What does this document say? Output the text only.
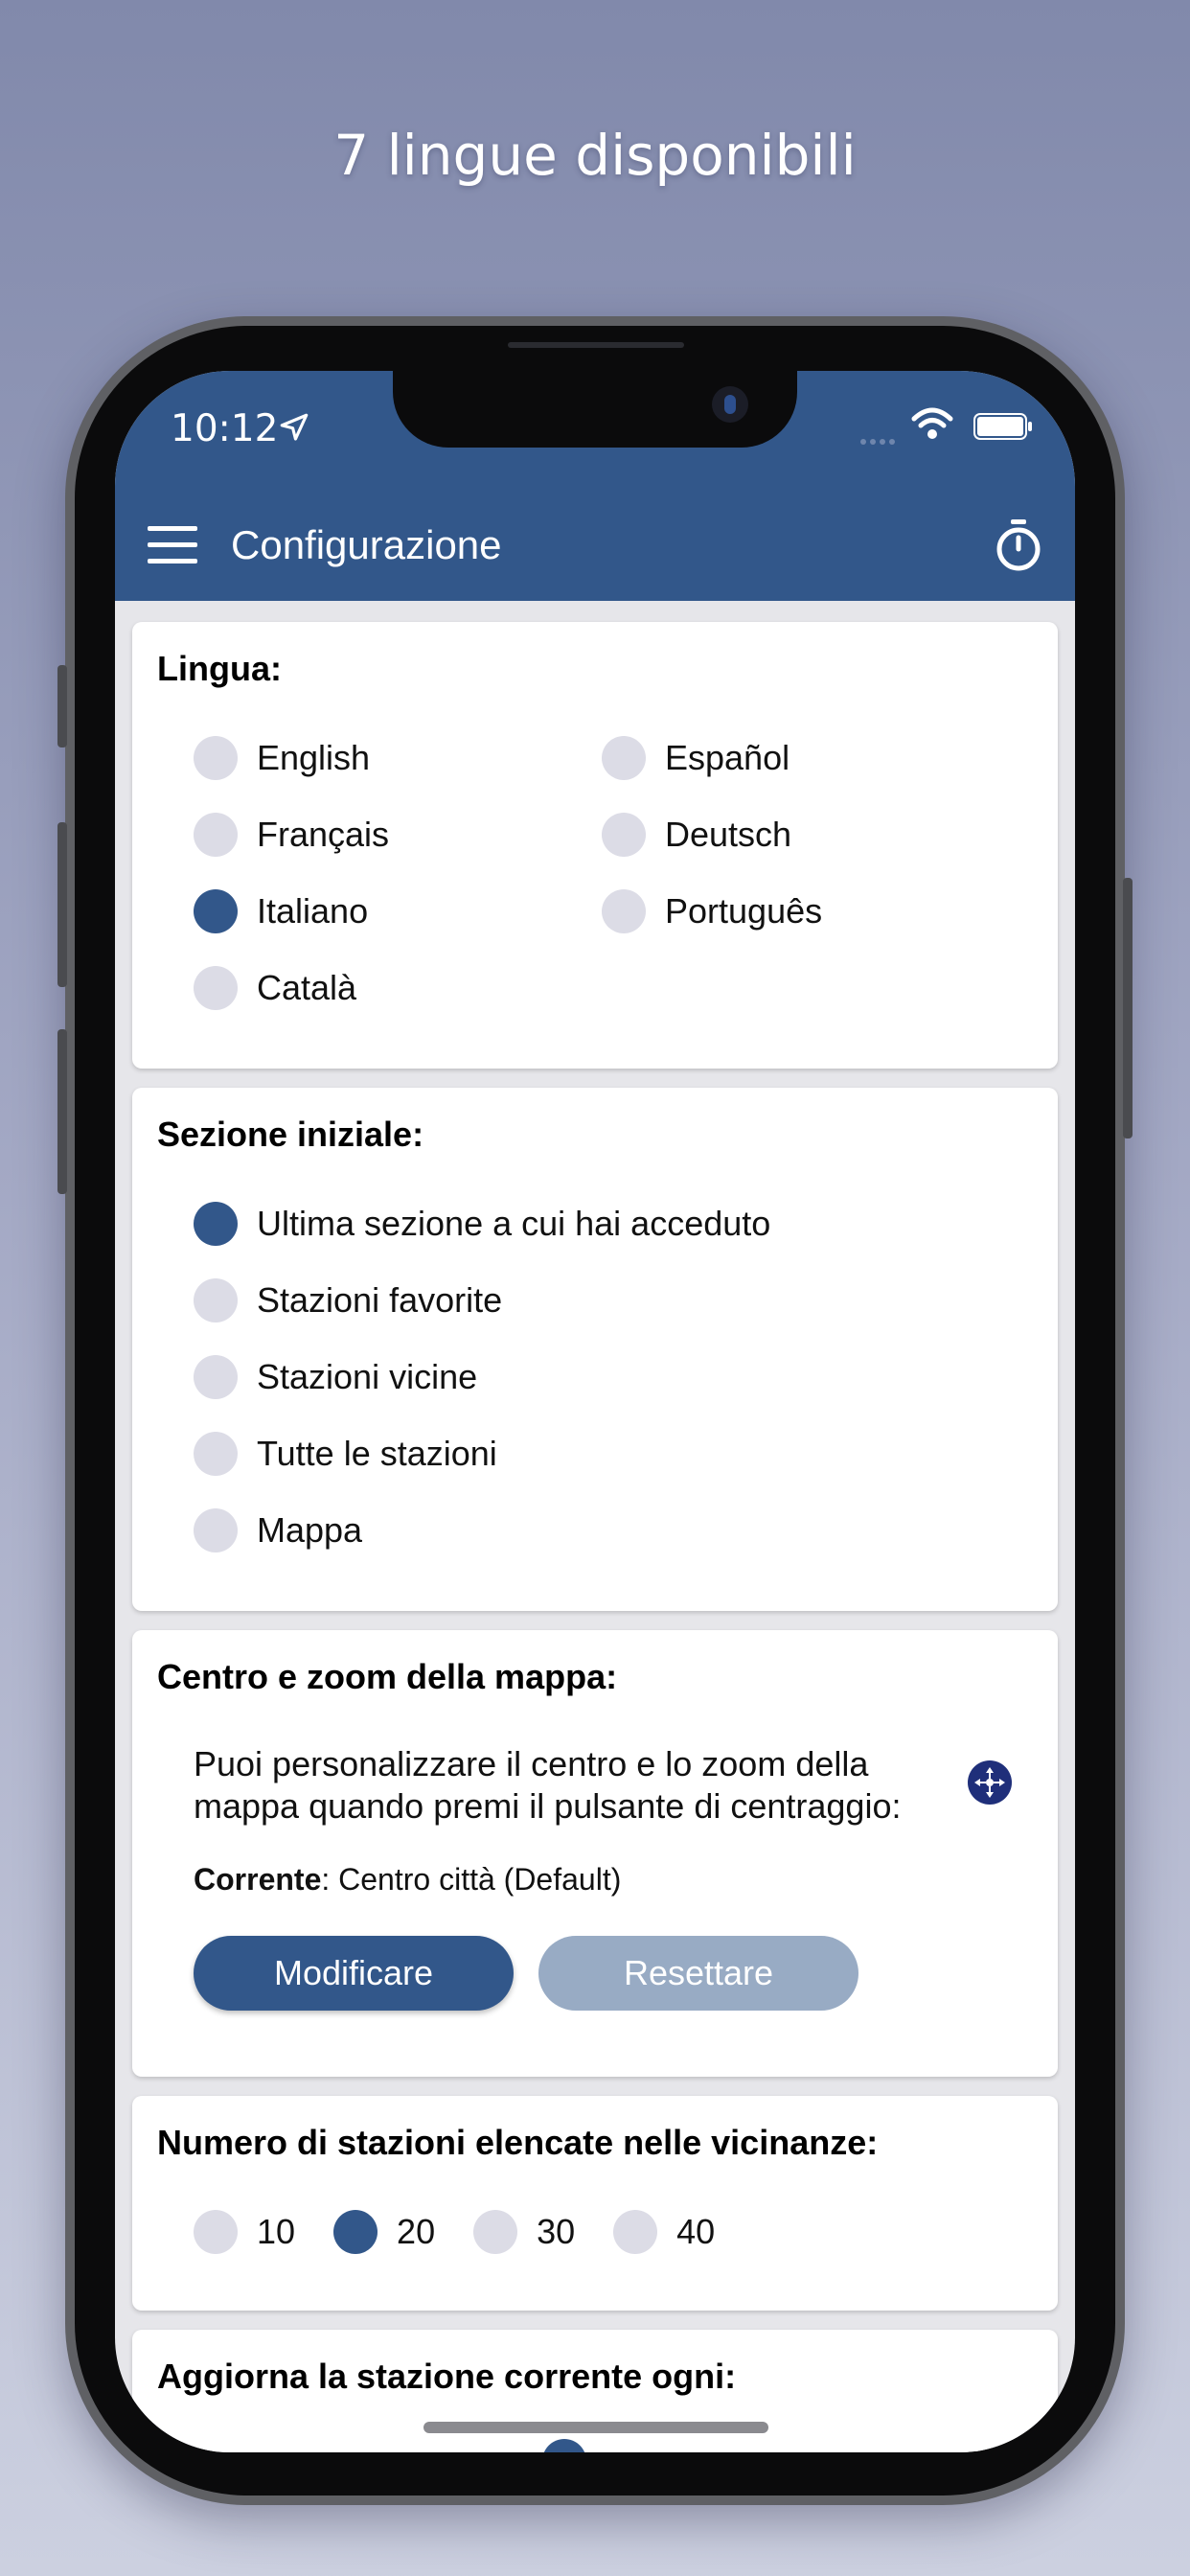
7 lingue disponibili
10:12
Configurazione
Lingua:
English	Español
Français	Deutsch
Italiano	Português
Català
Sezione iniziale:
Ultima sezione a cui hai acceduto
Stazioni favorite
Stazioni vicine
Tutte le stazioni
Mappa
Centro e zoom della mappa:
Puoi personalizzare il centro e lo zoom della mappa quando premi il pulsante di centraggio:
Corrente: Centro città (Default)
Modificare	Resettare
Numero di stazioni elencate nelle vicinanze:
10	20	30	40
Aggiorna la stazione corrente ogni:
